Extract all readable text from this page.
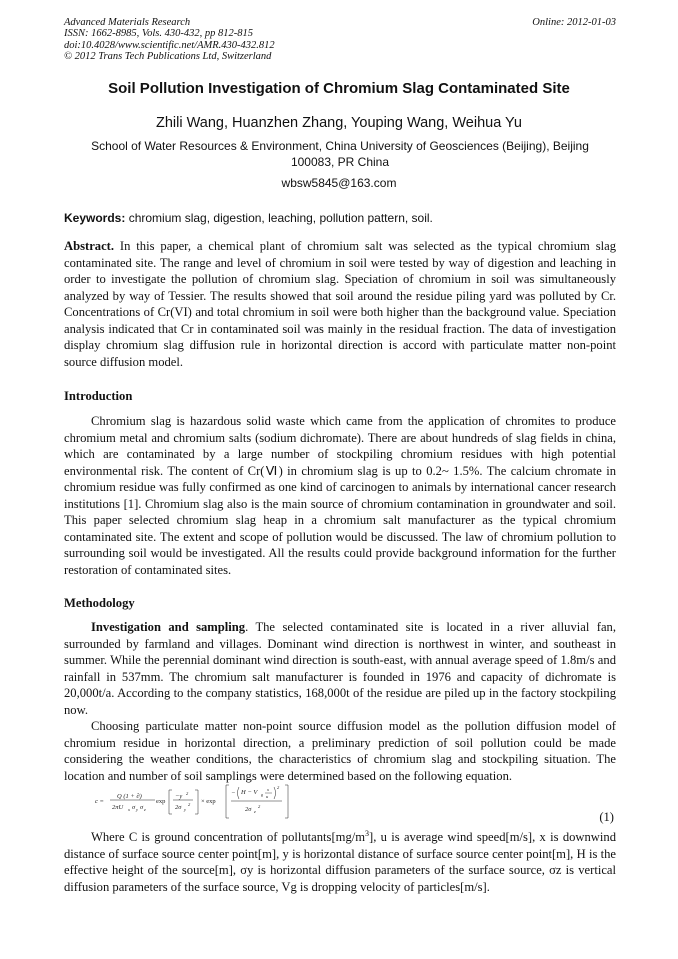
Advanced Materials Research
ISSN: 1662-8985, Vols. 430-432, pp 812-815
doi:10.4028/www.scientific.net/AMR.430-432.812
© 2012 Trans Tech Publications Ltd, Switzerland
Online: 2012-01-03
Soil Pollution Investigation of Chromium Slag Contaminated Site
Zhili Wang, Huanzhen Zhang, Youping Wang, Weihua Yu
School of Water Resources & Environment, China University of Geosciences (Beijing), Beijing 100083, PR China
wbsw5845@163.com
Keywords: chromium slag, digestion, leaching, pollution pattern, soil.

Abstract. In this paper, a chemical plant of chromium salt was selected as the typical chromium slag contaminated site. The range and level of chromium in soil were tested by way of digestion and leaching in order to investigate the pollution of chromium slag. Speciation of chromium in soil was simultaneously analyzed by way of Tessier. The results showed that soil around the residue piling yard was polluted by Cr. Concentrations of Cr(VI) and total chromium in soil were both higher than the background value. Speciation analysis indicated that Cr in contaminated soil was mainly in the residual fraction. The data of investigation display chromium slag diffusion rule in horizontal direction is accord with particulate matter non-point source diffusion model.

Introduction

Chromium slag is hazardous solid waste which came from the application of chromites to produce chromium metal and chromium salts (sodium dichromate). There are about hundreds of slag fields in china, which are contaminated by a large number of stockpiling chromium residues with high potential environmental risk. The content of Cr(Ⅵ) in chromium slag is up to 0.2~ 1.5%. The calcium chromate in chromium residue was fully confirmed as one kind of carcinogen to animals by international cancer research institutions [1]. Chromium slag also is the main source of chromium contamination in groundwater and soil. This paper selected chromium slag heap in a chromium salt manufacturer as the typical chromium contaminated site. The extent and scope of pollution would be discussed. The law of chromium pollution to surrounding soil would be investigated. All the results could provide background information for the further restoration of contaminated sites.

Methodology

Investigation and sampling. The selected contaminated site is located in a river alluvial fan, surrounded by farmland and villages. Dominant wind direction is northwest in winter, and southeast in summer. While the perennial dominant wind direction is south-east, with annual average speed of 1.8m/s and rainfall in 537mm. The chromium salt manufacturer is founded in 1976 and capacity of dichromate is 20,000t/a. According to the company statistics, 168,000t of the residue are piled up in the factory stockpiling now.

Choosing particulate matter non-point source diffusion model as the pollution diffusion model of chromium residue in horizontal direction, a preliminary prediction of soil pollution could be made considering the weather conditions, the characteristics of chromium slag and stockpiling situation. The location and number of soil samplings were determined based on the following equation.

c =
Q (1 + ∂)
2πU x σ y σ z
exp
−y 2
2σ y
2 × exp
− H − V g
x
u
2
2σ z
2
(1)

Where C is ground concentration of $pollutants[mg/m^3]$, u is average wind speed[m/s], x is downwind distance of surface source center point[m], y is horizontal distance of surface source center point[m], H is the effective height of the source[m], σy is horizontal diffusion parameters of the surface source, σz is vertical diffusion parameters of the surface source, Vg is dropping velocity of particles[m/s].
